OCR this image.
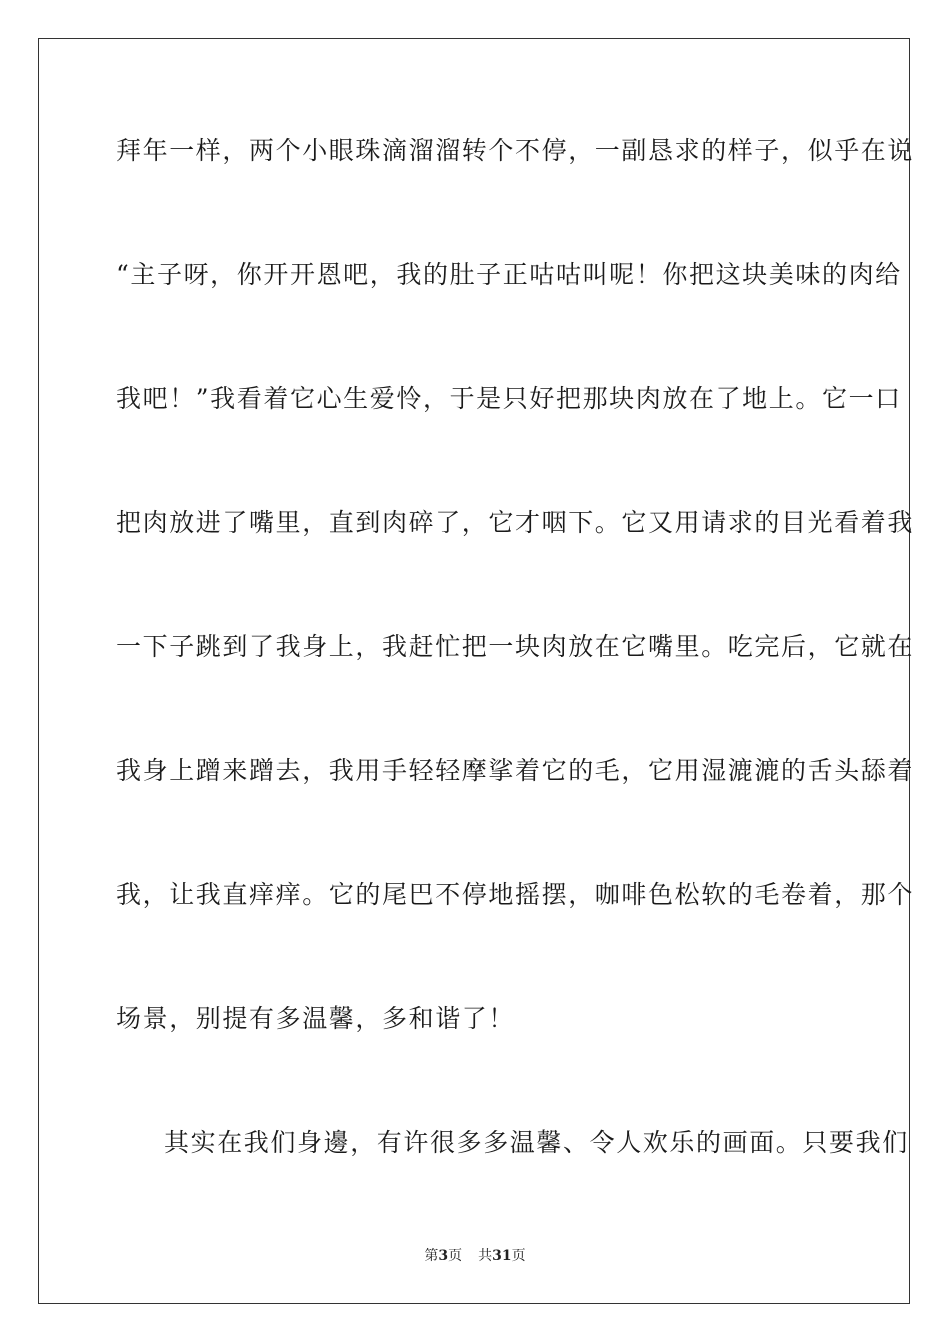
拜年一样，两个小眼珠滴溜溜转个不停，一副恳求的样子，似乎在说
“主子呀，你开开恩吧，我的肚子正咕咕叫呢！你把这块美味的肉给
我吧！”我看着它心生爱怜，于是只好把那块肉放在了地上。它一口
把肉放进了嘴里，直到肉碎了，它才咽下。它又用请求的目光看着我
一下子跳到了我身上，我赶忙把一块肉放在它嘴里。吃完后，它就在
我身上蹭来蹭去，我用手轻轻摩挲着它的毛，它用湿漉漉的舌头舔着
我，让我直痒痒。它的尾巴不停地摇摆，咖啡色松软的毛卷着，那个
场景，别提有多温馨，多和谐了！
其实在我们身邊，有许很多多温馨、令人欢乐的画面。只要我们
第3页 共31页
